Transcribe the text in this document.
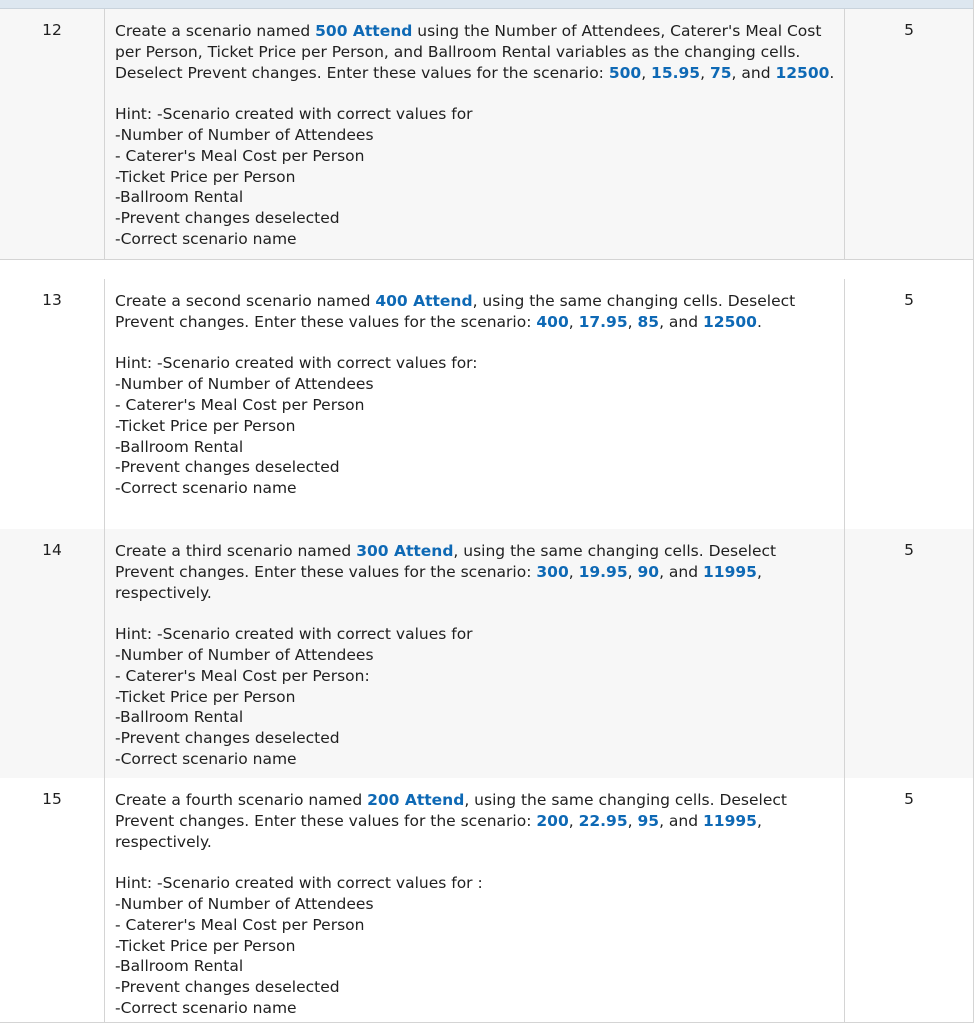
12	Create a scenario named 500 Attend using the Number of Attendees, Caterer's Meal Cost per Person, Ticket Price per Person, and Ballroom Rental variables as the changing cells. Deselect Prevent changes. Enter these values for the scenario: 500, 15.95, 75, and 12500.

Hint: -Scenario created with correct values for

-Number of Number of Attendees

- Caterer's Meal Cost per Person

-Ticket Price per Person

-Ballroom Rental

-Prevent changes deselected

-Correct scenario name

5
13	Create a second scenario named 400 Attend, using the same changing cells. Deselect Prevent changes. Enter these values for the scenario: 400, 17.95, 85, and 12500.

Hint: -Scenario created with correct values for:

-Number of Number of Attendees

- Caterer's Meal Cost per Person

-Ticket Price per Person

-Ballroom Rental

-Prevent changes deselected

-Correct scenario name

5
14	Create a third scenario named 300 Attend, using the same changing cells. Deselect Prevent changes. Enter these values for the scenario: 300, 19.95, 90, and 11995, respectively.

Hint: -Scenario created with correct values for

-Number of Number of Attendees

- Caterer's Meal Cost per Person:

-Ticket Price per Person

-Ballroom Rental

-Prevent changes deselected

-Correct scenario name

5
15	Create a fourth scenario named 200 Attend, using the same changing cells. Deselect Prevent changes. Enter these values for the scenario: 200, 22.95, 95, and 11995, respectively.

Hint: -Scenario created with correct values for :

-Number of Number of Attendees

- Caterer's Meal Cost per Person

-Ticket Price per Person

-Ballroom Rental

-Prevent changes deselected

-Correct scenario name

5
